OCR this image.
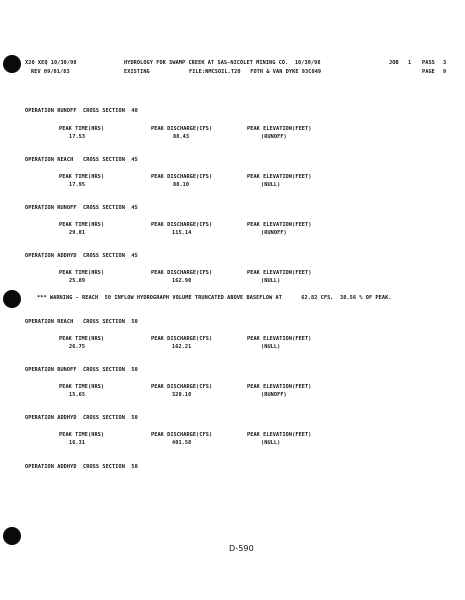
X20 XEQ 10/30/98
REV 09/01/83
HYDROLOGY FOR SWAMP CREEK AT SAS-NICOLET MINING CO.  10/30/98
EXISTING	FILE:NMCSOIL.T20   FOTH & VAN DYKE 93C049
JOB 1 PASS 3
PAGE 9
OPERATION RUNOFF  CROSS SECTION  40
PEAK TIME(HRS)	PEAK DISCHARGE(CFS)	PEAK ELEVATION(FEET)
17.53	88.43	(RUNOFF)
OPERATION REACH   CROSS SECTION  45
PEAK TIME(HRS)	PEAK DISCHARGE(CFS)	PEAK ELEVATION(FEET)
17.95	88.10	(NULL)
OPERATION RUNOFF  CROSS SECTION  45
PEAK TIME(HRS)	PEAK DISCHARGE(CFS)	PEAK ELEVATION(FEET)
29.01	115.14	(RUNOFF)
OPERATION ADDHYD  CROSS SECTION  45
PEAK TIME(HRS)	PEAK DISCHARGE(CFS)	PEAK ELEVATION(FEET)
25.89	162.90	(NULL)
*** WARNING - REACH  50 INFLOW HYDROGRAPH VOLUME TRUNCATED ABOVE BASEFLOW AT      62.82 CFS,  38.56 % OF PEAK.
OPERATION REACH   CROSS SECTION  50
PEAK TIME(HRS)	PEAK DISCHARGE(CFS)	PEAK ELEVATION(FEET)
26.75	162.21	(NULL)
OPERATION RUNOFF  CROSS SECTION  50
PEAK TIME(HRS)	PEAK DISCHARGE(CFS)	PEAK ELEVATION(FEET)
15.65	320.10	(RUNOFF)
OPERATION ADDHYD  CROSS SECTION  50
PEAK TIME(HRS)	PEAK DISCHARGE(CFS)	PEAK ELEVATION(FEET)
16.31	401.58	(NULL)
OPERATION ADDHYD  CROSS SECTION  50
D-590
